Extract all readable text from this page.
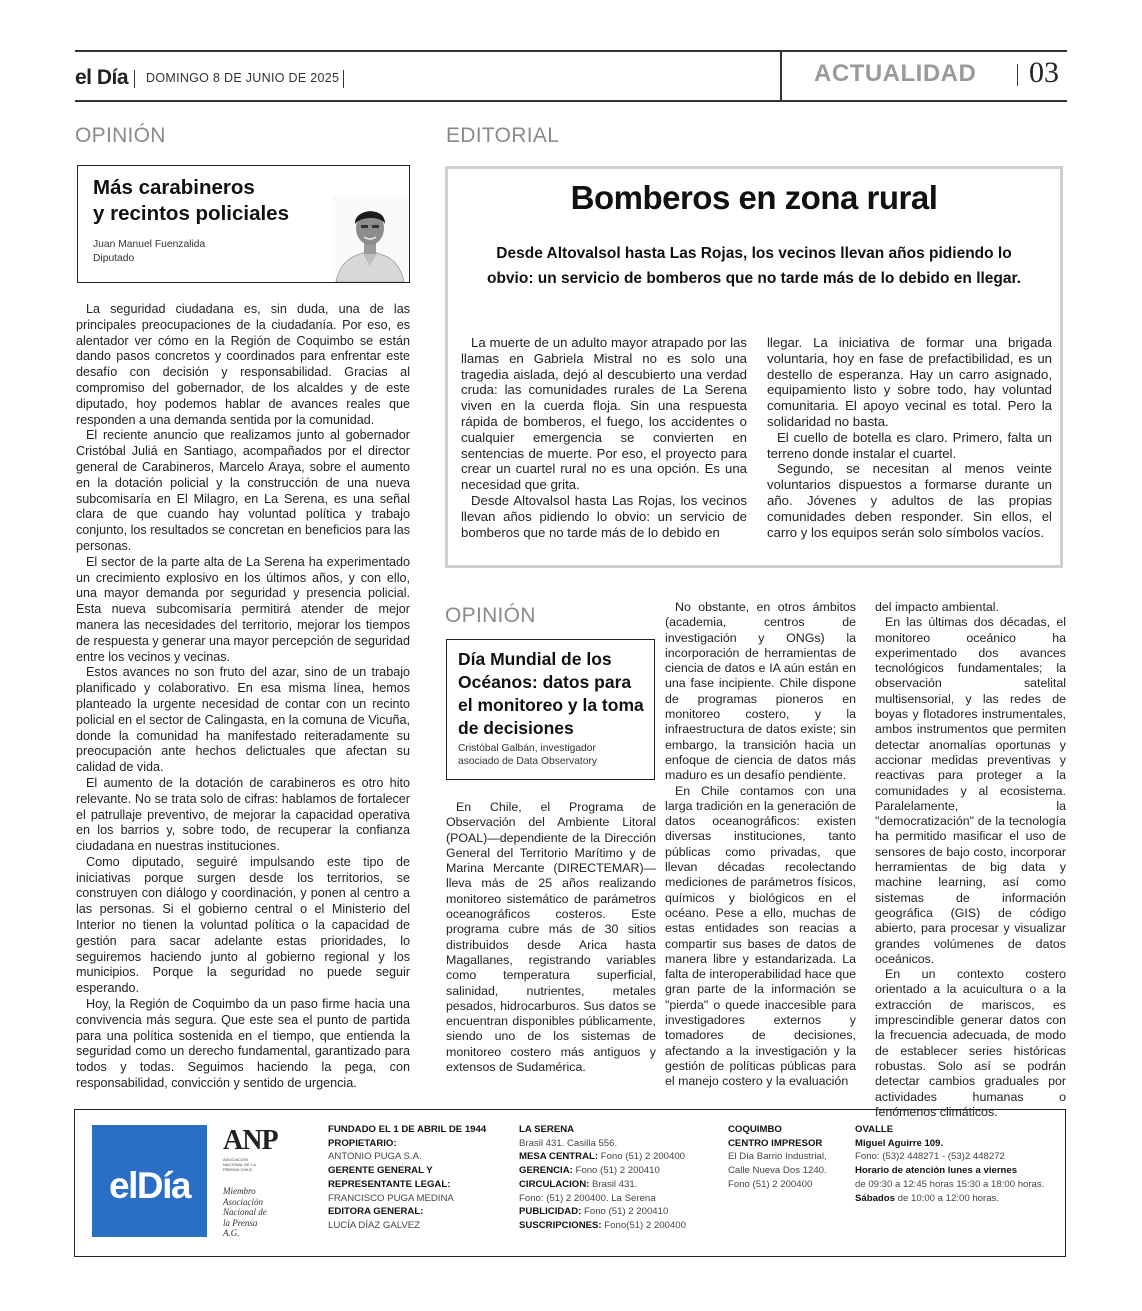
el Día DOMINGO 8 DE JUNIO DE 2025	ACTUALIDAD 03
OPINIÓN
Más carabineros
y recintos policiales
Juan Manuel Fuenzalida
Diputado

La seguridad ciudadana es, sin duda, una de las principales preocupaciones de la ciudadanía. Por eso, es alentador ver cómo en la Región de Coquimbo se están dando pasos concretos y coordinados para enfrentar este desafío con decisión y responsabilidad. Gracias al compromiso del gobernador, de los alcaldes y de este diputado, hoy podemos hablar de avances reales que responden a una demanda sentida por la comunidad.

El reciente anuncio que realizamos junto al gobernador Cristóbal Juliá en Santiago, acompañados por el director general de Carabineros, Marcelo Araya, sobre el aumento en la dotación policial y la construcción de una nueva subcomisaría en El Milagro, en La Serena, es una señal clara de que cuando hay voluntad política y trabajo conjunto, los resultados se concretan en beneficios para las personas.

El sector de la parte alta de La Serena ha experimentado un crecimiento explosivo en los últimos años, y con ello, una mayor demanda por seguridad y presencia policial. Esta nueva subcomisaría permitirá atender de mejor manera las necesidades del territorio, mejorar los tiempos de respuesta y generar una mayor percepción de seguridad entre los vecinos y vecinas.

Estos avances no son fruto del azar, sino de un trabajo planificado y colaborativo. En esa misma línea, hemos planteado la urgente necesidad de contar con un recinto policial en el sector de Calingasta, en la comuna de Vicuña, donde la comunidad ha manifestado reiteradamente su preocupación ante hechos delictuales que afectan su calidad de vida.

El aumento de la dotación de carabineros es otro hito relevante. No se trata solo de cifras: hablamos de fortalecer el patrullaje preventivo, de mejorar la capacidad operativa en los barrios y, sobre todo, de recuperar la confianza ciudadana en nuestras instituciones.

Como diputado, seguiré impulsando este tipo de iniciativas porque surgen desde los territorios, se construyen con diálogo y coordinación, y ponen al centro a las personas. Si el gobierno central o el Ministerio del Interior no tienen la voluntad política o la capacidad de gestión para sacar adelante estas prioridades, lo seguiremos haciendo junto al gobierno regional y los municipios. Porque la seguridad no puede seguir esperando.

Hoy, la Región de Coquimbo da un paso firme hacia una convivencia más segura. Que este sea el punto de partida para una política sostenida en el tiempo, que entienda la seguridad como un derecho fundamental, garantizado para todos y todas. Seguimos haciendo la pega, con responsabilidad, convicción y sentido de urgencia.

EDITORIAL
Bomberos en zona rural
Desde Altovalsol hasta Las Rojas, los vecinos llevan años pidiendo lo
obvio: un servicio de bomberos que no tarde más de lo debido en llegar.

La muerte de un adulto mayor atrapado por las llamas en Gabriela Mistral no es solo una tragedia aislada, dejó al descubierto una verdad cruda: las comunidades rurales de La Serena viven en la cuerda floja. Sin una respuesta rápida de bomberos, el fuego, los accidentes o cualquier emergencia se convierten en sentencias de muerte. Por eso, el proyecto para crear un cuartel rural no es una opción. Es una necesidad que grita.

Desde Altovalsol hasta Las Rojas, los vecinos llevan años pidiendo lo obvio: un servicio de bomberos que no tarde más de lo debido en

llegar. La iniciativa de formar una brigada voluntaria, hoy en fase de prefactibilidad, es un destello de esperanza. Hay un carro asignado, equipamiento listo y sobre todo, hay voluntad comunitaria. El apoyo vecinal es total. Pero la solidaridad no basta.

El cuello de botella es claro. Primero, falta un terreno donde instalar el cuartel.

Segundo, se necesitan al menos veinte voluntarios dispuestos a formarse durante un año. Jóvenes y adultos de las propias comunidades deben responder. Sin ellos, el carro y los equipos serán solo símbolos vacíos.

OPINIÓN
Día Mundial de los
Océanos: datos para
el monitoreo y la toma
de decisiones
Cristóbal Galbán, investigador
asociado de Data Observatory

En Chile, el Programa de Observación del Ambiente Litoral (POAL)—dependiente de la Dirección General del Territorio Marítimo y de Marina Mercante (DIRECTEMAR)—lleva más de 25 años realizando monitoreo sistemático de parámetros oceanográficos costeros. Este programa cubre más de 30 sitios distribuidos desde Arica hasta Magallanes, registrando variables como temperatura superficial, salinidad, nutrientes, metales pesados, hidrocarburos. Sus datos se encuentran disponibles públicamente, siendo uno de los sistemas de monitoreo costero más antiguos y extensos de Sudamérica.

No obstante, en otros ámbitos (academia, centros de investigación y ONGs) la incorporación de herramientas de ciencia de datos e IA aún están en una fase incipiente. Chile dispone de programas pioneros en monitoreo costero, y la infraestructura de datos existe; sin embargo, la transición hacia un enfoque de ciencia de datos más maduro es un desafío pendiente.

En Chile contamos con una larga tradición en la generación de datos oceanográficos: existen diversas instituciones, tanto públicas como privadas, que llevan décadas recolectando mediciones de parámetros físicos, químicos y biológicos en el océano. Pese a ello, muchas de estas entidades son reacias a compartir sus bases de datos de manera libre y estandarizada. La falta de interoperabilidad hace que gran parte de la información se "pierda" o quede inaccesible para investigadores externos y tomadores de decisiones, afectando a la investigación y la gestión de políticas públicas para el manejo costero y la evaluación

del impacto ambiental.

En las últimas dos décadas, el monitoreo oceánico ha experimentado dos avances tecnológicos fundamentales; la observación satelital multisensorial, y las redes de boyas y flotadores instrumentales, ambos instrumentos que permiten detectar anomalías oportunas y accionar medidas preventivas y reactivas para proteger a la comunidades y al ecosistema. Paralelamente, la "democratización" de la tecnología ha permitido masificar el uso de sensores de bajo costo, incorporar herramientas de big data y machine learning, así como sistemas de información geográfica (GIS) de código abierto, para procesar y visualizar grandes volúmenes de datos oceánicos.

En un contexto costero orientado a la acuicultura o a la extracción de mariscos, es imprescindible generar datos con la frecuencia adecuada, de modo de establecer series históricas robustas. Solo así se podrán detectar cambios graduales por actividades humanas o fenómenos climáticos.

elDía
ANP
ASOCIACIÓN NACIONAL DE LA PRENSA CHILE
Miembro
Asociación
Nacional de
la Prensa
A.G.
FUNDADO EL 1 DE ABRIL DE 1944
PROPIETARIO:
ANTONIO PUGA S.A.
GERENTE GENERAL Y
REPRESENTANTE LEGAL:
FRANCISCO PUGA MEDINA
EDITORA GENERAL:
LUCÍA DÍAZ GALVEZ
LA SERENA
Brasil 431. Casilla 556.
MESA CENTRAL: Fono (51) 2 200400
GERENCIA: Fono (51) 2 200410
CIRCULACION: Brasil 431.
Fono: (51) 2 200400. La Serena
PUBLICIDAD: Fono (51) 2 200410
SUSCRIPCIONES: Fono(51) 2 200400
COQUIMBO
CENTRO IMPRESOR
El Día Barrio Industrial,
Calle Nueva Dos 1240.
Fono (51) 2 200400
OVALLE
Miguel Aguirre 109.
Fono: (53)2 448271 - (53)2 448272
Horario de atención lunes a viernes
de 09:30 a 12:45 horas 15:30 a 18:00 horas.
Sábados de 10:00 a 12:00 horas.
